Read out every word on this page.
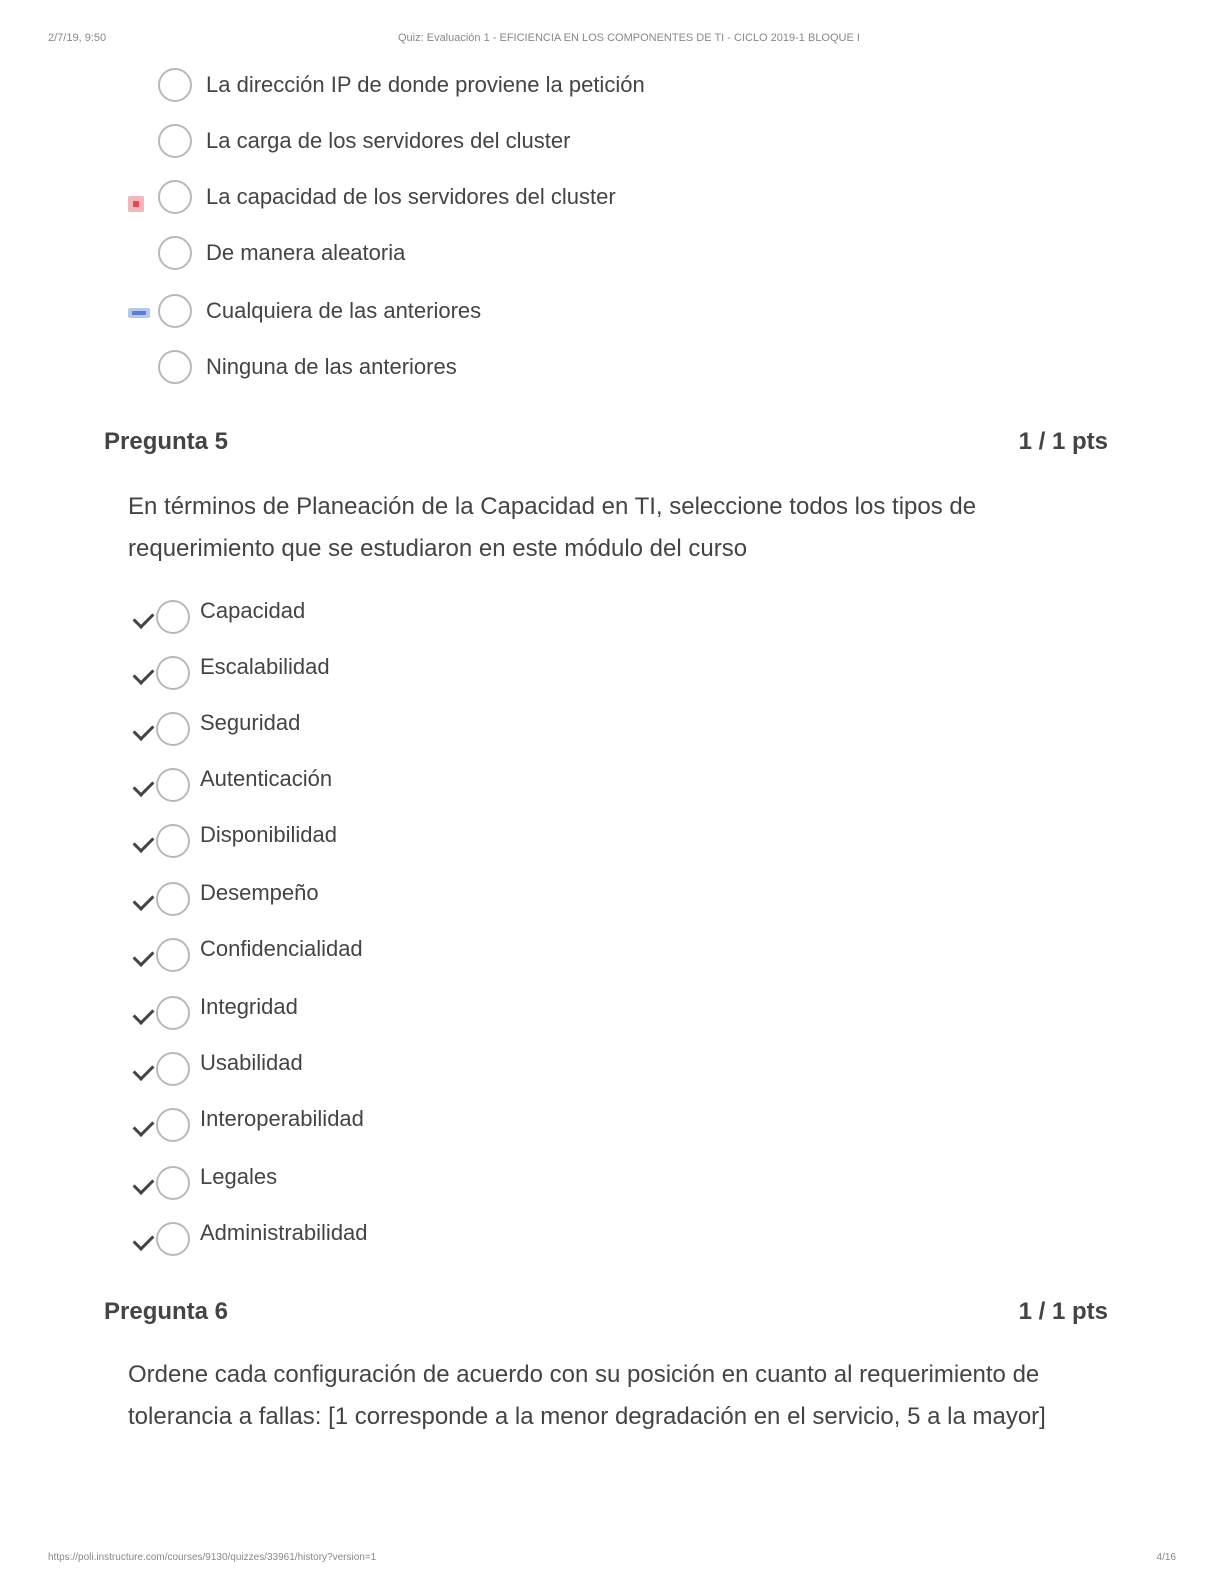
2/7/19, 9:50	Quiz: Evaluación 1 - EFICIENCIA EN LOS COMPONENTES DE TI - CICLO 2019-1 BLOQUE I
La dirección IP de donde proviene la petición
La carga de los servidores del cluster
La capacidad de los servidores del cluster
De manera aleatoria
Cualquiera de las anteriores
Ninguna de las anteriores
Pregunta 5	1 / 1 pts
En términos de Planeación de la Capacidad en TI, seleccione todos los tipos de requerimiento que se estudiaron en este módulo del curso
Capacidad
Escalabilidad
Seguridad
Autenticación
Disponibilidad
Desempeño
Confidencialidad
Integridad
Usabilidad
Interoperabilidad
Legales
Administrabilidad
Pregunta 6	1 / 1 pts
Ordene cada configuración de acuerdo con su posición en cuanto al requerimiento de tolerancia a fallas: [1 corresponde a la menor degradación en el servicio, 5 a la mayor]
https://poli.instructure.com/courses/9130/quizzes/33961/history?version=1	4/16
